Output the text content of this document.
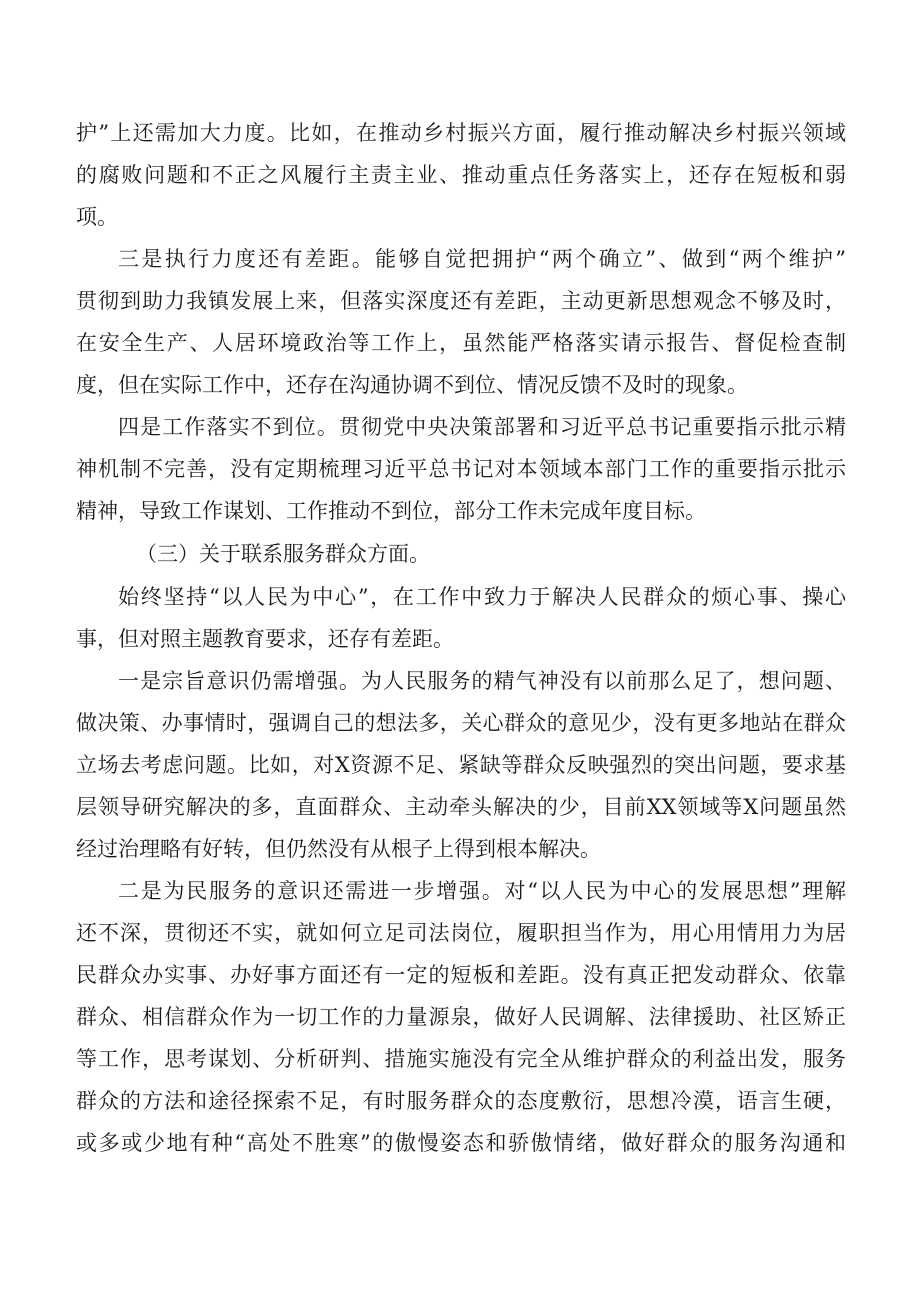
护”上还需加大力度。比如，在推动乡村振兴方面，履行推动解决乡村振兴领域

的腐败问题和不正之风履行主责主业、推动重点任务落实上，还存在短板和弱

项。

三是执行力度还有差距。能够自觉把拥护“两个确立”、做到“两个维护”

贯彻到助力我镇发展上来，但落实深度还有差距，主动更新思想观念不够及时，

在安全生产、人居环境政治等工作上，虽然能严格落实请示报告、督促检查制

度，但在实际工作中，还存在沟通协调不到位、情况反馈不及时的现象。

四是工作落实不到位。贯彻党中央决策部署和习近平总书记重要指示批示精

神机制不完善，没有定期梳理习近平总书记对本领域本部门工作的重要指示批示

精神，导致工作谋划、工作推动不到位，部分工作未完成年度目标。

（三）关于联系服务群众方面。

始终坚持“以人民为中心”，在工作中致力于解决人民群众的烦心事、操心

事，但对照主题教育要求，还存有差距。

一是宗旨意识仍需增强。为人民服务的精气神没有以前那么足了，想问题、

做决策、办事情时，强调自己的想法多，关心群众的意见少，没有更多地站在群众

立场去考虑问题。比如，对X资源不足、紧缺等群众反映强烈的突出问题，要求基

层领导研究解决的多，直面群众、主动牵头解决的少，目前XX领域等X问题虽然

经过治理略有好转，但仍然没有从根子上得到根本解决。

二是为民服务的意识还需进一步增强。对“以人民为中心的发展思想”理解

还不深，贯彻还不实，就如何立足司法岗位，履职担当作为，用心用情用力为居

民群众办实事、办好事方面还有一定的短板和差距。没有真正把发动群众、依靠

群众、相信群众作为一切工作的力量源泉，做好人民调解、法律援助、社区矫正

等工作，思考谋划、分析研判、措施实施没有完全从维护群众的利益出发，服务

群众的方法和途径探索不足，有时服务群众的态度敷衍，思想冷漠，语言生硬，

或多或少地有种“高处不胜寒”的傲慢姿态和骄傲情绪，做好群众的服务沟通和
